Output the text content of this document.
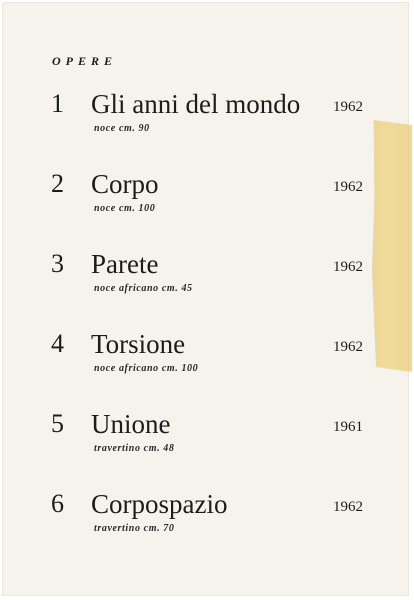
OPERE
1 Gli anni del mondo 1962
noce cm. 90
2 Corpo	1962
noce cm. 100
3 Parete	1962
noce africano cm. 45
4 Torsione	1962
noce africano cm. 100
5 Unione	1961
travertino cm. 48
6 Corpospazio	1962
travertino cm. 70
